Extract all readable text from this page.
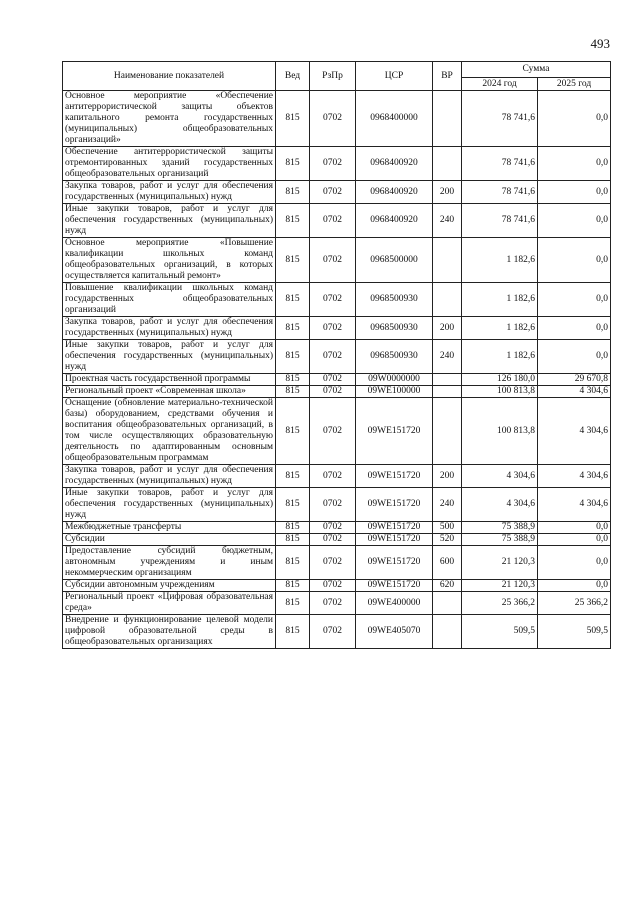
493
Наименование показателей	Вед	РзПр	ЦСР	ВР	Сумма	
					2024 год	2025 год
Основное мероприятие «Обеспечение антитеррористической защиты объектов капитального ремонта государственных (муниципальных) общеобразовательных организаций»	815	0702	0968400000		78 741,6	0,0
Обеспечение антитеррористической защиты отремонтированных зданий государственных общеобразовательных организаций	815	0702	0968400920		78 741,6	0,0
Закупка товаров, работ и услуг для обеспечения государственных (муниципальных) нужд	815	0702	0968400920	200	78 741,6	0,0
Иные закупки товаров, работ и услуг для обеспечения государственных (муниципальных) нужд	815	0702	0968400920	240	78 741,6	0,0
Основное мероприятие «Повышение квалификации школьных команд общеобразовательных организаций, в которых осуществляется капитальный ремонт»	815	0702	0968500000		1 182,6	0,0
Повышение квалификации школьных команд государственных общеобразовательных организаций	815	0702	0968500930		1 182,6	0,0
Закупка товаров, работ и услуг для обеспечения государственных (муниципальных) нужд	815	0702	0968500930	200	1 182,6	0,0
Иные закупки товаров, работ и услуг для обеспечения государственных (муниципальных) нужд	815	0702	0968500930	240	1 182,6	0,0
Проектная часть государственной программы	815	0702	09W0000000		126 180,0	29 670,8
Региональный проект «Современная школа»	815	0702	09WE100000		100 813,8	4 304,6
Оснащение (обновление материально-технической базы) оборудованием, средствами обучения и воспитания общеобразовательных организаций, в том числе осуществляющих образовательную деятельность по адаптированным основным общеобразовательным программам	815	0702	09WE151720		100 813,8	4 304,6
Закупка товаров, работ и услуг для обеспечения государственных (муниципальных) нужд	815	0702	09WE151720	200	4 304,6	4 304,6
Иные закупки товаров, работ и услуг для обеспечения государственных (муниципальных) нужд	815	0702	09WE151720	240	4 304,6	4 304,6
Межбюджетные трансферты	815	0702	09WE151720	500	75 388,9	0,0
Субсидии	815	0702	09WE151720	520	75 388,9	0,0
Предоставление субсидий бюджетным, автономным учреждениям и иным некоммерческим организациям	815	0702	09WE151720	600	21 120,3	0,0
Субсидии автономным учреждениям	815	0702	09WE151720	620	21 120,3	0,0
Региональный проект «Цифровая образовательная среда»	815	0702	09WE400000		25 366,2	25 366,2
Внедрение и функционирование целевой модели цифровой образовательной среды в общеобразовательных организациях	815	0702	09WE405070		509,5	509,5
